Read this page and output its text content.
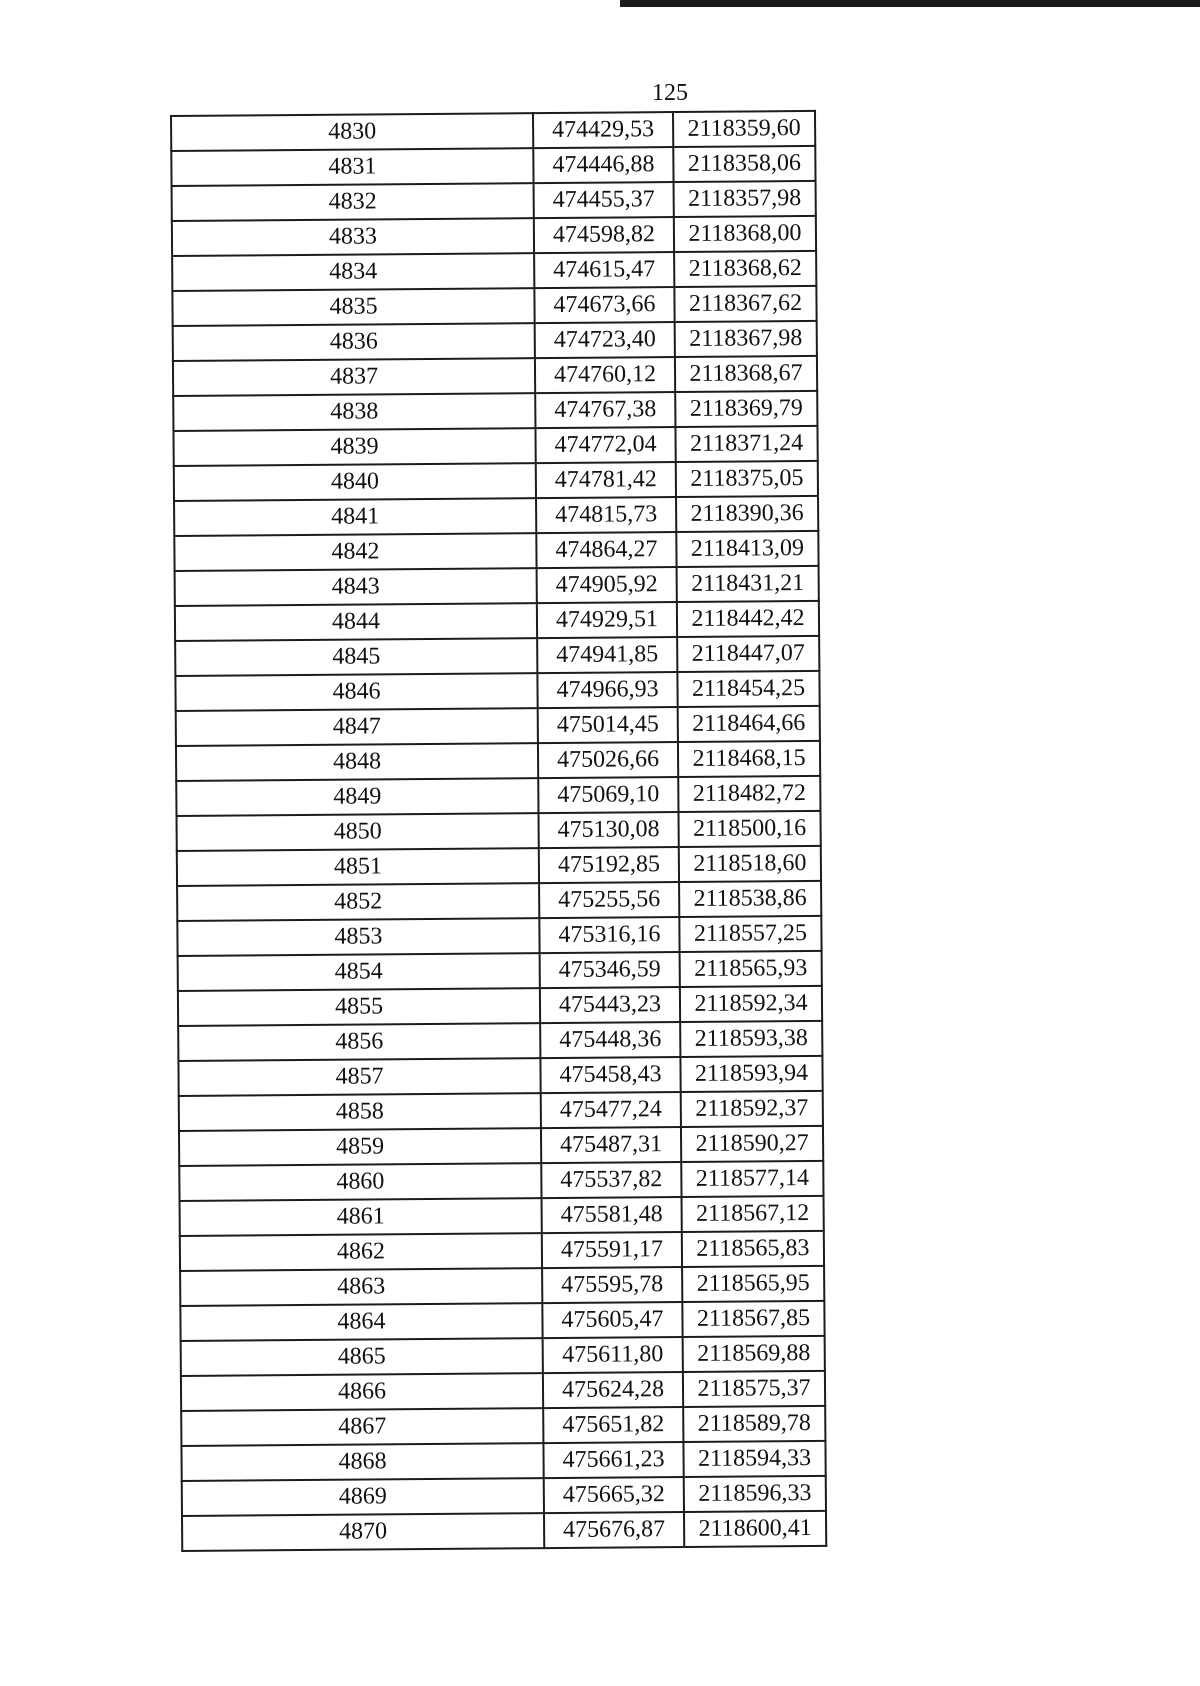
125
4830	474429,53	2118359,60
4831	474446,88	2118358,06
4832	474455,37	2118357,98
4833	474598,82	2118368,00
4834	474615,47	2118368,62
4835	474673,66	2118367,62
4836	474723,40	2118367,98
4837	474760,12	2118368,67
4838	474767,38	2118369,79
4839	474772,04	2118371,24
4840	474781,42	2118375,05
4841	474815,73	2118390,36
4842	474864,27	2118413,09
4843	474905,92	2118431,21
4844	474929,51	2118442,42
4845	474941,85	2118447,07
4846	474966,93	2118454,25
4847	475014,45	2118464,66
4848	475026,66	2118468,15
4849	475069,10	2118482,72
4850	475130,08	2118500,16
4851	475192,85	2118518,60
4852	475255,56	2118538,86
4853	475316,16	2118557,25
4854	475346,59	2118565,93
4855	475443,23	2118592,34
4856	475448,36	2118593,38
4857	475458,43	2118593,94
4858	475477,24	2118592,37
4859	475487,31	2118590,27
4860	475537,82	2118577,14
4861	475581,48	2118567,12
4862	475591,17	2118565,83
4863	475595,78	2118565,95
4864	475605,47	2118567,85
4865	475611,80	2118569,88
4866	475624,28	2118575,37
4867	475651,82	2118589,78
4868	475661,23	2118594,33
4869	475665,32	2118596,33
4870	475676,87	2118600,41
